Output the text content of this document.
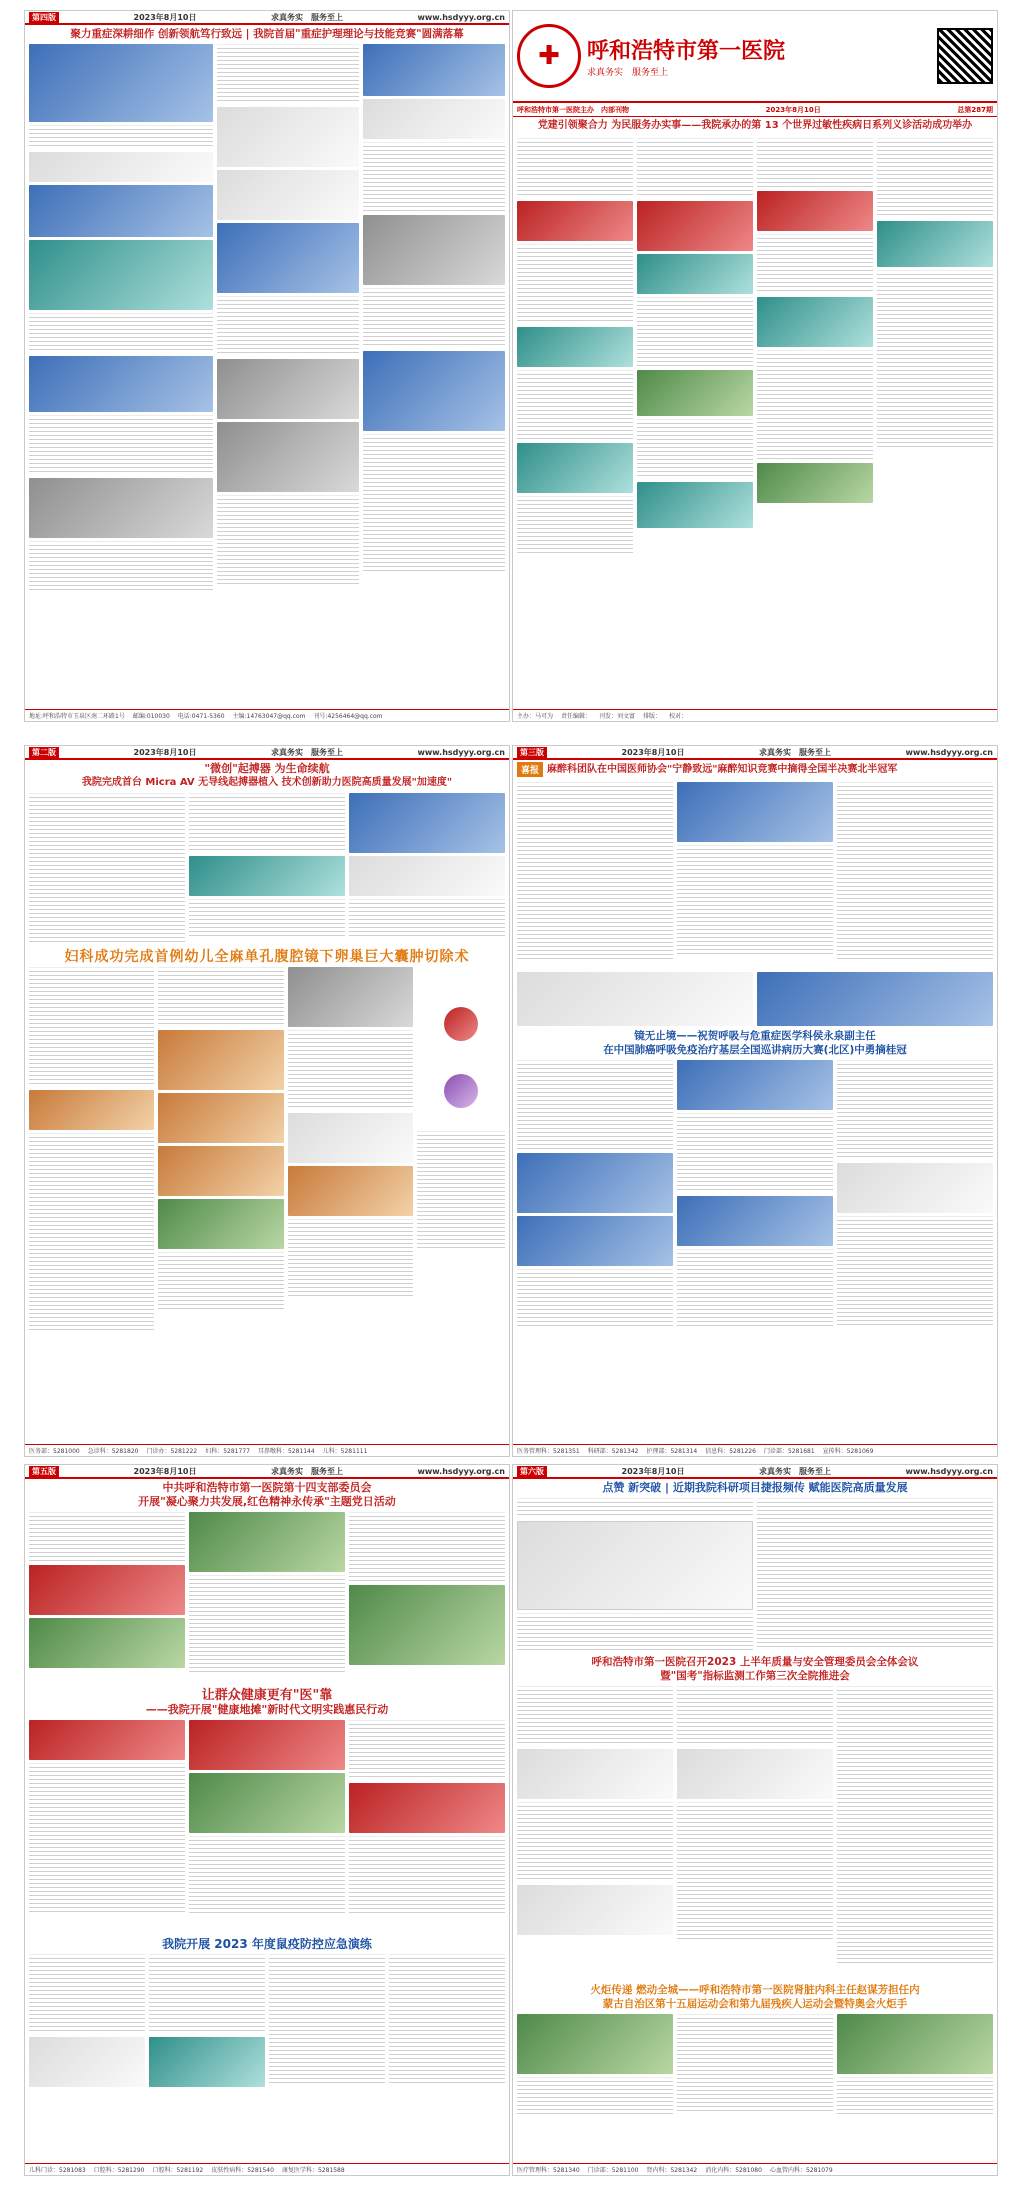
第四版	2023年8月10日	求真务实　服务至上	www.hsdyyy.org.cn
聚力重症深耕细作 创新领航笃行致远 | 我院首届"重症护理理论与技能竞赛"圆满落幕
地址:呼和浩特市玉泉区南二环路1号 邮编:010030 电话:0471-5360 主编:14763047@qq.com 刊号:4256464@qq.com
✚	呼和浩特市第一医院
求真务实　服务至上
呼和浩特市第一医院主办　内部刊物	2023年8月10日	总第287期
党建引领聚合力 为民服务办实事——我院承办的第 13 个世界过敏性疾病日系列义诊活动成功举办
主办：马可为 责任编辑： 刊发：刘文富 排版： 校对：
第二版	2023年8月10日	求真务实　服务至上	www.hsdyyy.org.cn
"微创"起搏器 为生命续航
我院完成首台 Micra AV 无导线起搏器植入 技术创新助力医院高质量发展"加速度"
妇科成功完成首例幼儿全麻单孔腹腔镜下卵巢巨大囊肿切除术
医务部：5281000 急诊科：5281820 门诊办：5281222 妇科：5281777 耳鼻喉科：5281144 儿科：5281111
第三版	2023年8月10日	求真务实　服务至上	www.hsdyyy.org.cn
喜报 麻醉科团队在中国医师协会"宁静致远"麻醉知识竞赛中摘得全国半决赛北半冠军
镜无止境——祝贺呼吸与危重症医学科侯永泉副主任
在中国肺癌呼吸免疫治疗基层全国巡讲病历大赛(北区)中勇摘桂冠
医务管理科：5281351 科研部：5281342 护理部：5281314 信息科：5281226 门诊部：5281681 宣传科：5281069
第五版	2023年8月10日	求真务实　服务至上	www.hsdyyy.org.cn
中共呼和浩特市第一医院第十四支部委员会
开展"凝心聚力共发展,红色精神永传承"主题党日活动
让群众健康更有"医"靠
——我院开展"健康地摊"新时代文明实践惠民行动
我院开展 2023 年度鼠疫防控应急演练
儿科门诊：5281083 口腔科：5281290 口腔科：5281192 皮肤性病科：5281540 康复医学科：5281588
第六版	2023年8月10日	求真务实　服务至上	www.hsdyyy.org.cn
点赞 新突破 | 近期我院科研项目捷报频传 赋能医院高质量发展
呼和浩特市第一医院召开2023 上半年质量与安全管理委员会全体会议
暨"国考"指标监测工作第三次全院推进会
火炬传递 燃动全城——呼和浩特市第一医院肾脏内科主任赵谋芳担任内
蒙古自治区第十五届运动会和第九届残疾人运动会暨特奥会火炬手
医疗管理科：5281340 门诊部：5281100 肾内科：5281342 消化内科：5281080 心血管内科：5281079
